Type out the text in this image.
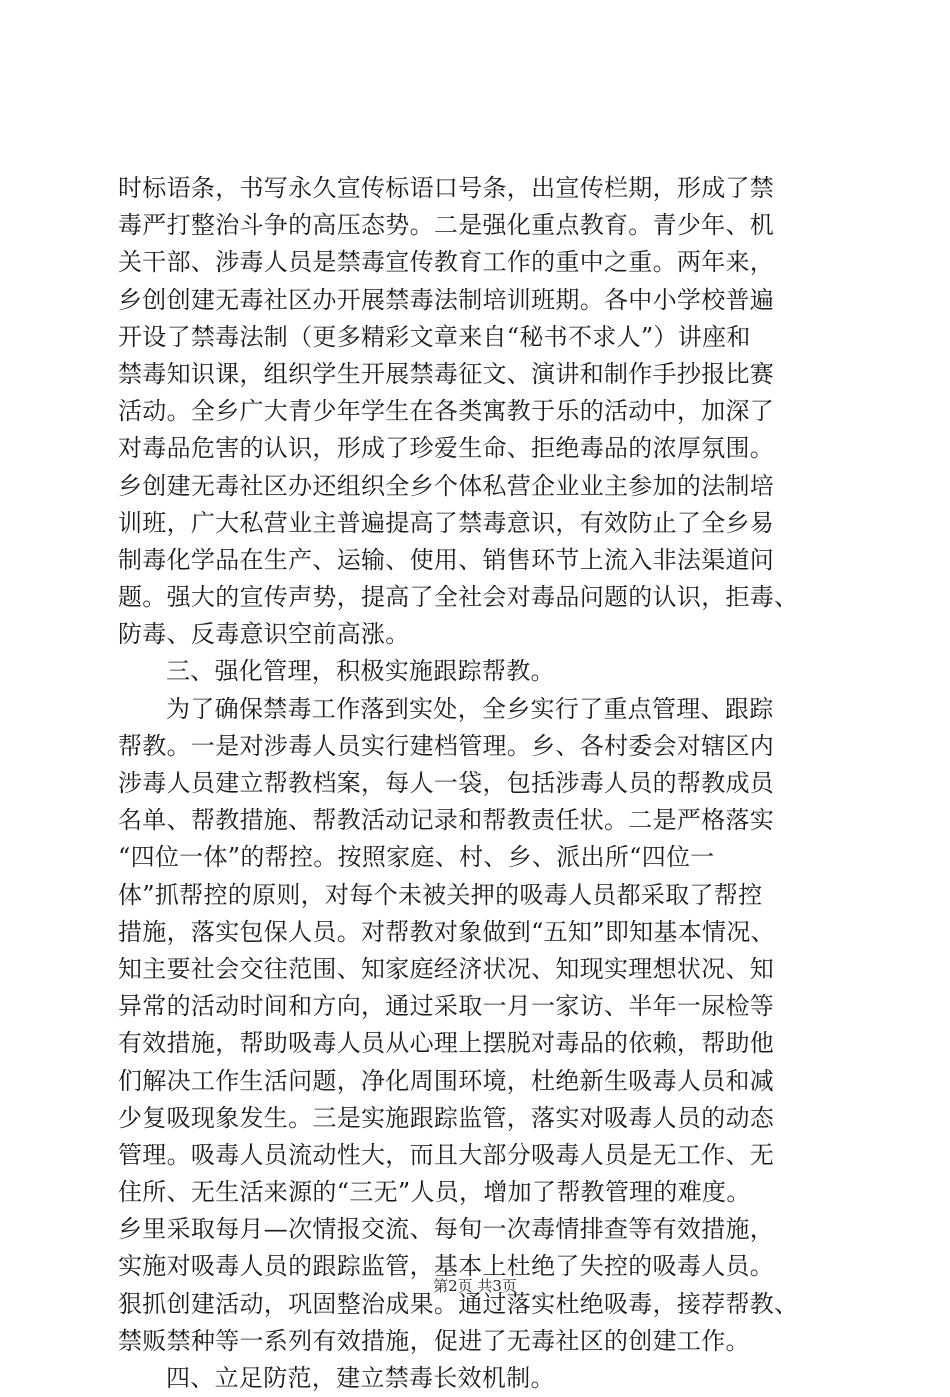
时标语条，书写永久宣传标语口号条，出宣传栏期，形成了禁
毒严打整治斗争的高压态势。二是强化重点教育。青少年、机
关干部、涉毒人员是禁毒宣传教育工作的重中之重。两年来，
乡创创建无毒社区办开展禁毒法制培训班期。各中小学校普遍
开设了禁毒法制（更多精彩文章来自“秘书不求人”）讲座和
禁毒知识课，组织学生开展禁毒征文、演讲和制作手抄报比赛
活动。全乡广大青少年学生在各类寓教于乐的活动中，加深了
对毒品危害的认识，形成了珍爱生命、拒绝毒品的浓厚氛围。
乡创建无毒社区办还组织全乡个体私营企业业主参加的法制培
训班，广大私营业主普遍提高了禁毒意识，有效防止了全乡易
制毒化学品在生产、运输、使用、销售环节上流入非法渠道问
题。强大的宣传声势，提高了全社会对毒品问题的认识，拒毒、
防毒、反毒意识空前高涨。
三、强化管理，积极实施跟踪帮教。
为了确保禁毒工作落到实处，全乡实行了重点管理、跟踪
帮教。一是对涉毒人员实行建档管理。乡、各村委会对辖区内
涉毒人员建立帮教档案，每人一袋，包括涉毒人员的帮教成员
名单、帮教措施、帮教活动记录和帮教责任状。二是严格落实
“四位一体”的帮控。按照家庭、村、乡、派出所“四位一
体”抓帮控的原则，对每个未被关押的吸毒人员都采取了帮控
措施，落实包保人员。对帮教对象做到“五知”即知基本情况、
知主要社会交往范围、知家庭经济状况、知现实理想状况、知
异常的活动时间和方向，通过采取一月一家访、半年一尿检等
有效措施，帮助吸毒人员从心理上摆脱对毒品的依赖，帮助他
们解决工作生活问题，净化周围环境，杜绝新生吸毒人员和减
少复吸现象发生。三是实施跟踪监管，落实对吸毒人员的动态
管理。吸毒人员流动性大，而且大部分吸毒人员是无工作、无
住所、无生活来源的“三无”人员，增加了帮教管理的难度。
乡里采取每月—次情报交流、每旬一次毒情排查等有效措施，
实施对吸毒人员的跟踪监管，基本上杜绝了失控的吸毒人员。
狠抓创建活动，巩固整治成果。通过落实杜绝吸毒，接荐帮教、
禁贩禁种等一系列有效措施，促进了无毒社区的创建工作。
四、立足防范，建立禁毒长效机制。
第2页 共3页
